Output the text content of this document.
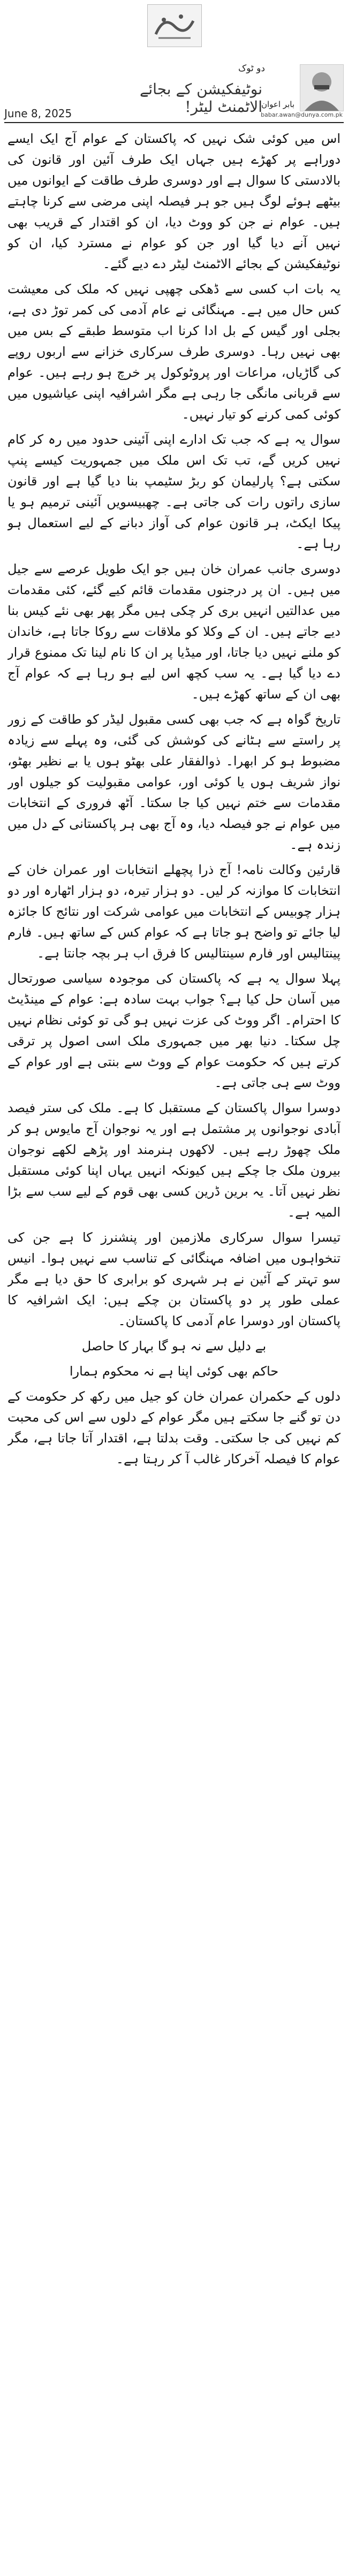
دو ٹوک
نوٹیفکیشن کے بجائے الاٹمنٹ لیٹر!
بابر اعوان
babar.awan@dunya.com.pk
June 8, 2025

اس میں کوئی شک نہیں کہ پاکستان کے عوام آج ایک ایسے دوراہے پر کھڑے ہیں جہاں ایک طرف آئین اور قانون کی بالادستی کا سوال ہے اور دوسری طرف طاقت کے ایوانوں میں بیٹھے ہوئے لوگ ہیں جو ہر فیصلہ اپنی مرضی سے کرنا چاہتے ہیں۔ عوام نے جن کو ووٹ دیا، ان کو اقتدار کے قریب بھی نہیں آنے دیا گیا اور جن کو عوام نے مسترد کیا، ان کو نوٹیفکیشن کے بجائے الاٹمنٹ لیٹر دے دیے گئے۔

یہ بات اب کسی سے ڈھکی چھپی نہیں کہ ملک کی معیشت کس حال میں ہے۔ مہنگائی نے عام آدمی کی کمر توڑ دی ہے، بجلی اور گیس کے بل ادا کرنا اب متوسط طبقے کے بس میں بھی نہیں رہا۔ دوسری طرف سرکاری خزانے سے اربوں روپے کی گاڑیاں، مراعات اور پروٹوکول پر خرچ ہو رہے ہیں۔ عوام سے قربانی مانگی جا رہی ہے مگر اشرافیہ اپنی عیاشیوں میں کوئی کمی کرنے کو تیار نہیں۔

سوال یہ ہے کہ جب تک ادارے اپنی آئینی حدود میں رہ کر کام نہیں کریں گے، تب تک اس ملک میں جمہوریت کیسے پنپ سکتی ہے؟ پارلیمان کو ربڑ سٹیمپ بنا دیا گیا ہے اور قانون سازی راتوں رات کی جاتی ہے۔ چھبیسویں آئینی ترمیم ہو یا پیکا ایکٹ، ہر قانون عوام کی آواز دبانے کے لیے استعمال ہو رہا ہے۔

دوسری جانب عمران خان ہیں جو ایک طویل عرصے سے جیل میں ہیں۔ ان پر درجنوں مقدمات قائم کیے گئے، کئی مقدمات میں عدالتیں انہیں بری کر چکی ہیں مگر پھر بھی نئے کیس بنا دیے جاتے ہیں۔ ان کے وکلا کو ملاقات سے روکا جاتا ہے، خاندان کو ملنے نہیں دیا جاتا، اور میڈیا پر ان کا نام لینا تک ممنوع قرار دے دیا گیا ہے۔ یہ سب کچھ اس لیے ہو رہا ہے کہ عوام آج بھی ان کے ساتھ کھڑے ہیں۔

تاریخ گواہ ہے کہ جب بھی کسی مقبول لیڈر کو طاقت کے زور پر راستے سے ہٹانے کی کوشش کی گئی، وہ پہلے سے زیادہ مضبوط ہو کر ابھرا۔ ذوالفقار علی بھٹو ہوں یا بے نظیر بھٹو، نواز شریف ہوں یا کوئی اور، عوامی مقبولیت کو جیلوں اور مقدمات سے ختم نہیں کیا جا سکتا۔ آٹھ فروری کے انتخابات میں عوام نے جو فیصلہ دیا، وہ آج بھی ہر پاکستانی کے دل میں زندہ ہے۔

قارئین وکالت نامہ! آج ذرا پچھلے انتخابات اور عمران خان کے انتخابات کا موازنہ کر لیں۔ دو ہزار تیرہ، دو ہزار اٹھارہ اور دو ہزار چوبیس کے انتخابات میں عوامی شرکت اور نتائج کا جائزہ لیا جائے تو واضح ہو جاتا ہے کہ عوام کس کے ساتھ ہیں۔ فارم پینتالیس اور فارم سینتالیس کا فرق اب ہر بچہ جانتا ہے۔

پہلا سوال یہ ہے کہ پاکستان کی موجودہ سیاسی صورتحال میں آسان حل کیا ہے؟ جواب بہت سادہ ہے: عوام کے مینڈیٹ کا احترام۔ اگر ووٹ کی عزت نہیں ہو گی تو کوئی نظام نہیں چل سکتا۔ دنیا بھر میں جمہوری ملک اسی اصول پر ترقی کرتے ہیں کہ حکومت عوام کے ووٹ سے بنتی ہے اور عوام کے ووٹ سے ہی جاتی ہے۔

دوسرا سوال پاکستان کے مستقبل کا ہے۔ ملک کی ستر فیصد آبادی نوجوانوں پر مشتمل ہے اور یہ نوجوان آج مایوس ہو کر ملک چھوڑ رہے ہیں۔ لاکھوں ہنرمند اور پڑھے لکھے نوجوان بیرون ملک جا چکے ہیں کیونکہ انہیں یہاں اپنا کوئی مستقبل نظر نہیں آتا۔ یہ برین ڈرین کسی بھی قوم کے لیے سب سے بڑا المیہ ہے۔

تیسرا سوال سرکاری ملازمین اور پنشنرز کا ہے جن کی تنخواہوں میں اضافہ مہنگائی کے تناسب سے نہیں ہوا۔ انیس سو تہتر کے آئین نے ہر شہری کو برابری کا حق دیا ہے مگر عملی طور پر دو پاکستان بن چکے ہیں: ایک اشرافیہ کا پاکستان اور دوسرا عام آدمی کا پاکستان۔

بے دلیل سے نہ ہو گا بہار کا حاصل

حاکم بھی کوئی اپنا ہے نہ محکوم ہمارا

دلوں کے حکمران عمران خان کو جیل میں رکھ کر حکومت کے دن تو گنے جا سکتے ہیں مگر عوام کے دلوں سے اس کی محبت کم نہیں کی جا سکتی۔ وقت بدلتا ہے، اقتدار آتا جاتا ہے، مگر عوام کا فیصلہ آخرکار غالب آ کر رہتا ہے۔
